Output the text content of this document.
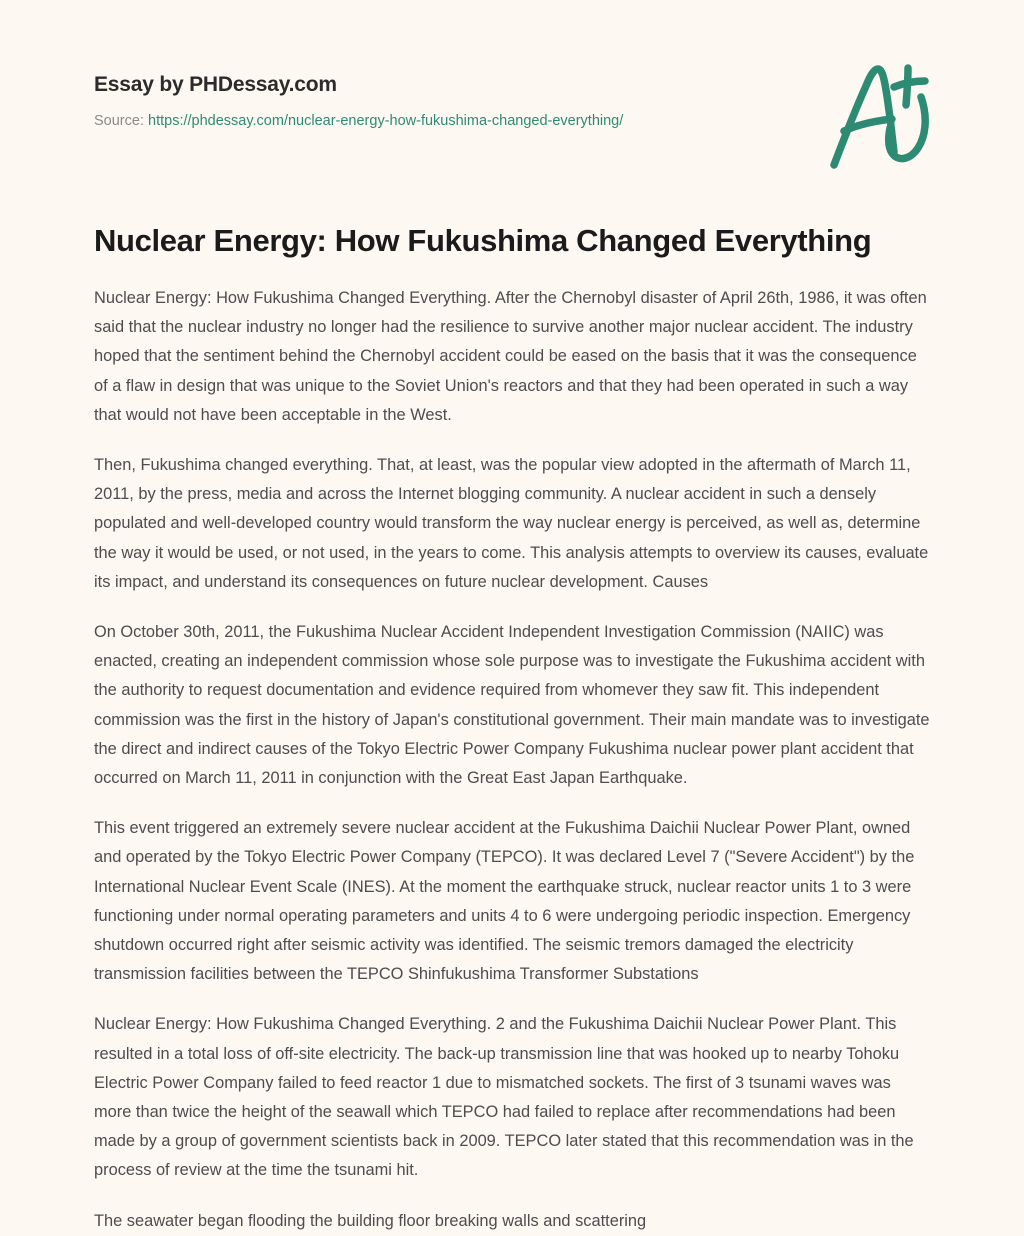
Essay by PHDessay.com
Source: https://phdessay.com/nuclear-energy-how-fukushima-changed-everything/
Nuclear Energy: How Fukushima Changed Everything

Nuclear Energy: How Fukushima Changed Everything. After the Chernobyl disaster of April 26th, 1986, it was often said that the nuclear industry no longer had the resilience to survive another major nuclear accident. The industry hoped that the sentiment behind the Chernobyl accident could be eased on the basis that it was the consequence of a flaw in design that was unique to the Soviet Union's reactors and that they had been operated in such a way that would not have been acceptable in the West.

Then, Fukushima changed everything. That, at least, was the popular view adopted in the aftermath of March 11, 2011, by the press, media and across the Internet blogging community. A nuclear accident in such a densely populated and well-developed country would transform the way nuclear energy is perceived, as well as, determine the way it would be used, or not used, in the years to come. This analysis attempts to overview its causes, evaluate its impact, and understand its consequences on future nuclear development. Causes

On October 30th, 2011, the Fukushima Nuclear Accident Independent Investigation Commission (NAIIC) was enacted, creating an independent commission whose sole purpose was to investigate the Fukushima accident with the authority to request documentation and evidence required from whomever they saw fit. This independent commission was the first in the history of Japan's constitutional government. Their main mandate was to investigate the direct and indirect causes of the Tokyo Electric Power Company Fukushima nuclear power plant accident that occurred on March 11, 2011 in conjunction with the Great East Japan Earthquake.

This event triggered an extremely severe nuclear accident at the Fukushima Daichii Nuclear Power Plant, owned and operated by the Tokyo Electric Power Company (TEPCO). It was declared Level 7 ("Severe Accident") by the International Nuclear Event Scale (INES). At the moment the earthquake struck, nuclear reactor units 1 to 3 were functioning under normal operating parameters and units 4 to 6 were undergoing periodic inspection. Emergency shutdown occurred right after seismic activity was identified. The seismic tremors damaged the electricity transmission facilities between the TEPCO Shinfukushima Transformer Substations

Nuclear Energy: How Fukushima Changed Everything. 2 and the Fukushima Daichii Nuclear Power Plant. This resulted in a total loss of off-site electricity. The back-up transmission line that was hooked up to nearby Tohoku Electric Power Company failed to feed reactor 1 due to mismatched sockets. The first of 3 tsunami waves was more than twice the height of the seawall which TEPCO had failed to replace after recommendations had been made by a group of government scientists back in 2009. TEPCO later stated that this recommendation was in the process of review at the time the tsunami hit.

The seawater began flooding the building floor breaking walls and scattering
